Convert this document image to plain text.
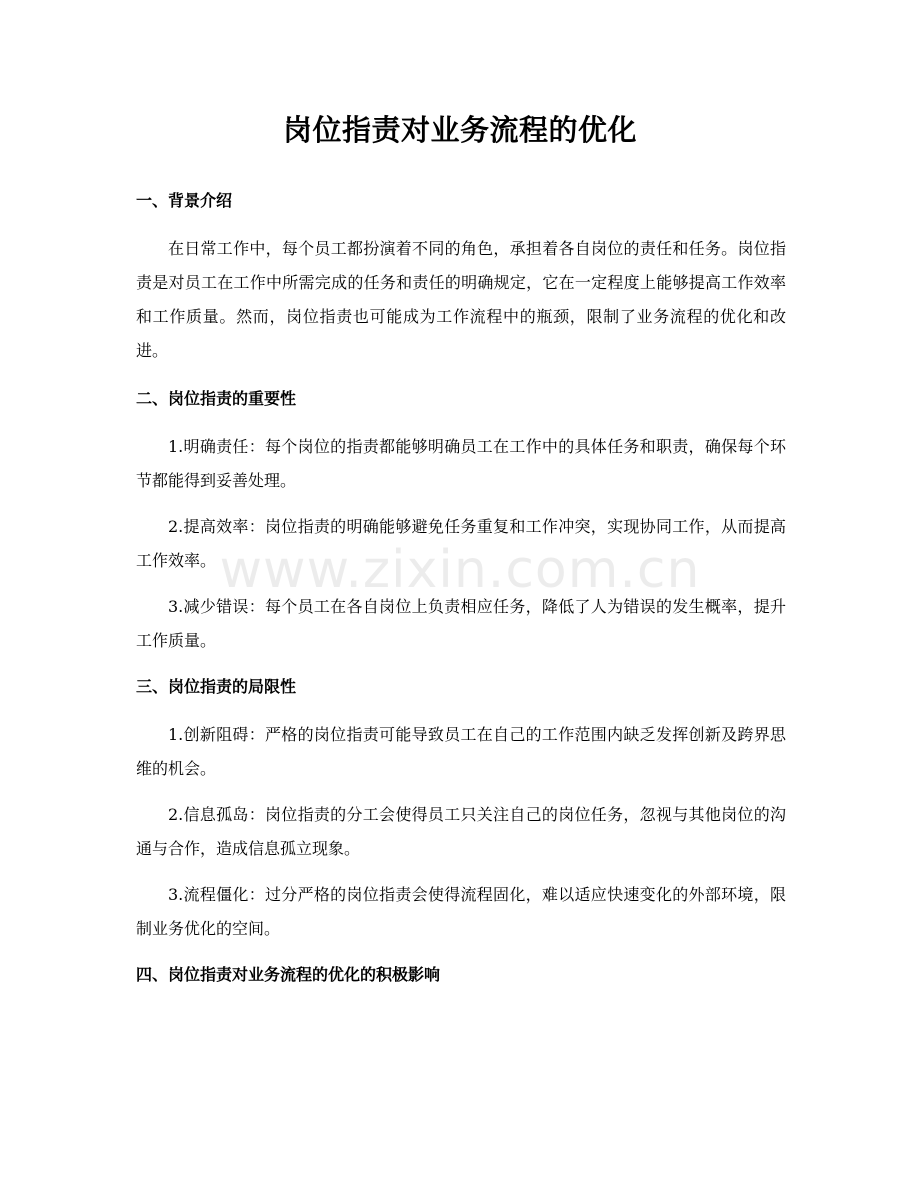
岗位指责对业务流程的优化
一、背景介绍

在日常工作中，每个员工都扮演着不同的角色，承担着各自岗位的责任和任务。岗位指责是对员工在工作中所需完成的任务和责任的明确规定，它在一定程度上能够提高工作效率和工作质量。然而，岗位指责也可能成为工作流程中的瓶颈，限制了业务流程的优化和改进。

二、岗位指责的重要性

1.明确责任：每个岗位的指责都能够明确员工在工作中的具体任务和职责，确保每个环节都能得到妥善处理。

2.提高效率：岗位指责的明确能够避免任务重复和工作冲突，实现协同工作，从而提高工作效率。

3.减少错误：每个员工在各自岗位上负责相应任务，降低了人为错误的发生概率，提升工作质量。

三、岗位指责的局限性

1.创新阻碍：严格的岗位指责可能导致员工在自己的工作范围内缺乏发挥创新及跨界思维的机会。

2.信息孤岛：岗位指责的分工会使得员工只关注自己的岗位任务，忽视与其他岗位的沟通与合作，造成信息孤立现象。

3.流程僵化：过分严格的岗位指责会使得流程固化，难以适应快速变化的外部环境，限制业务优化的空间。

四、岗位指责对业务流程的优化的积极影响
www.zixin.com.cn
